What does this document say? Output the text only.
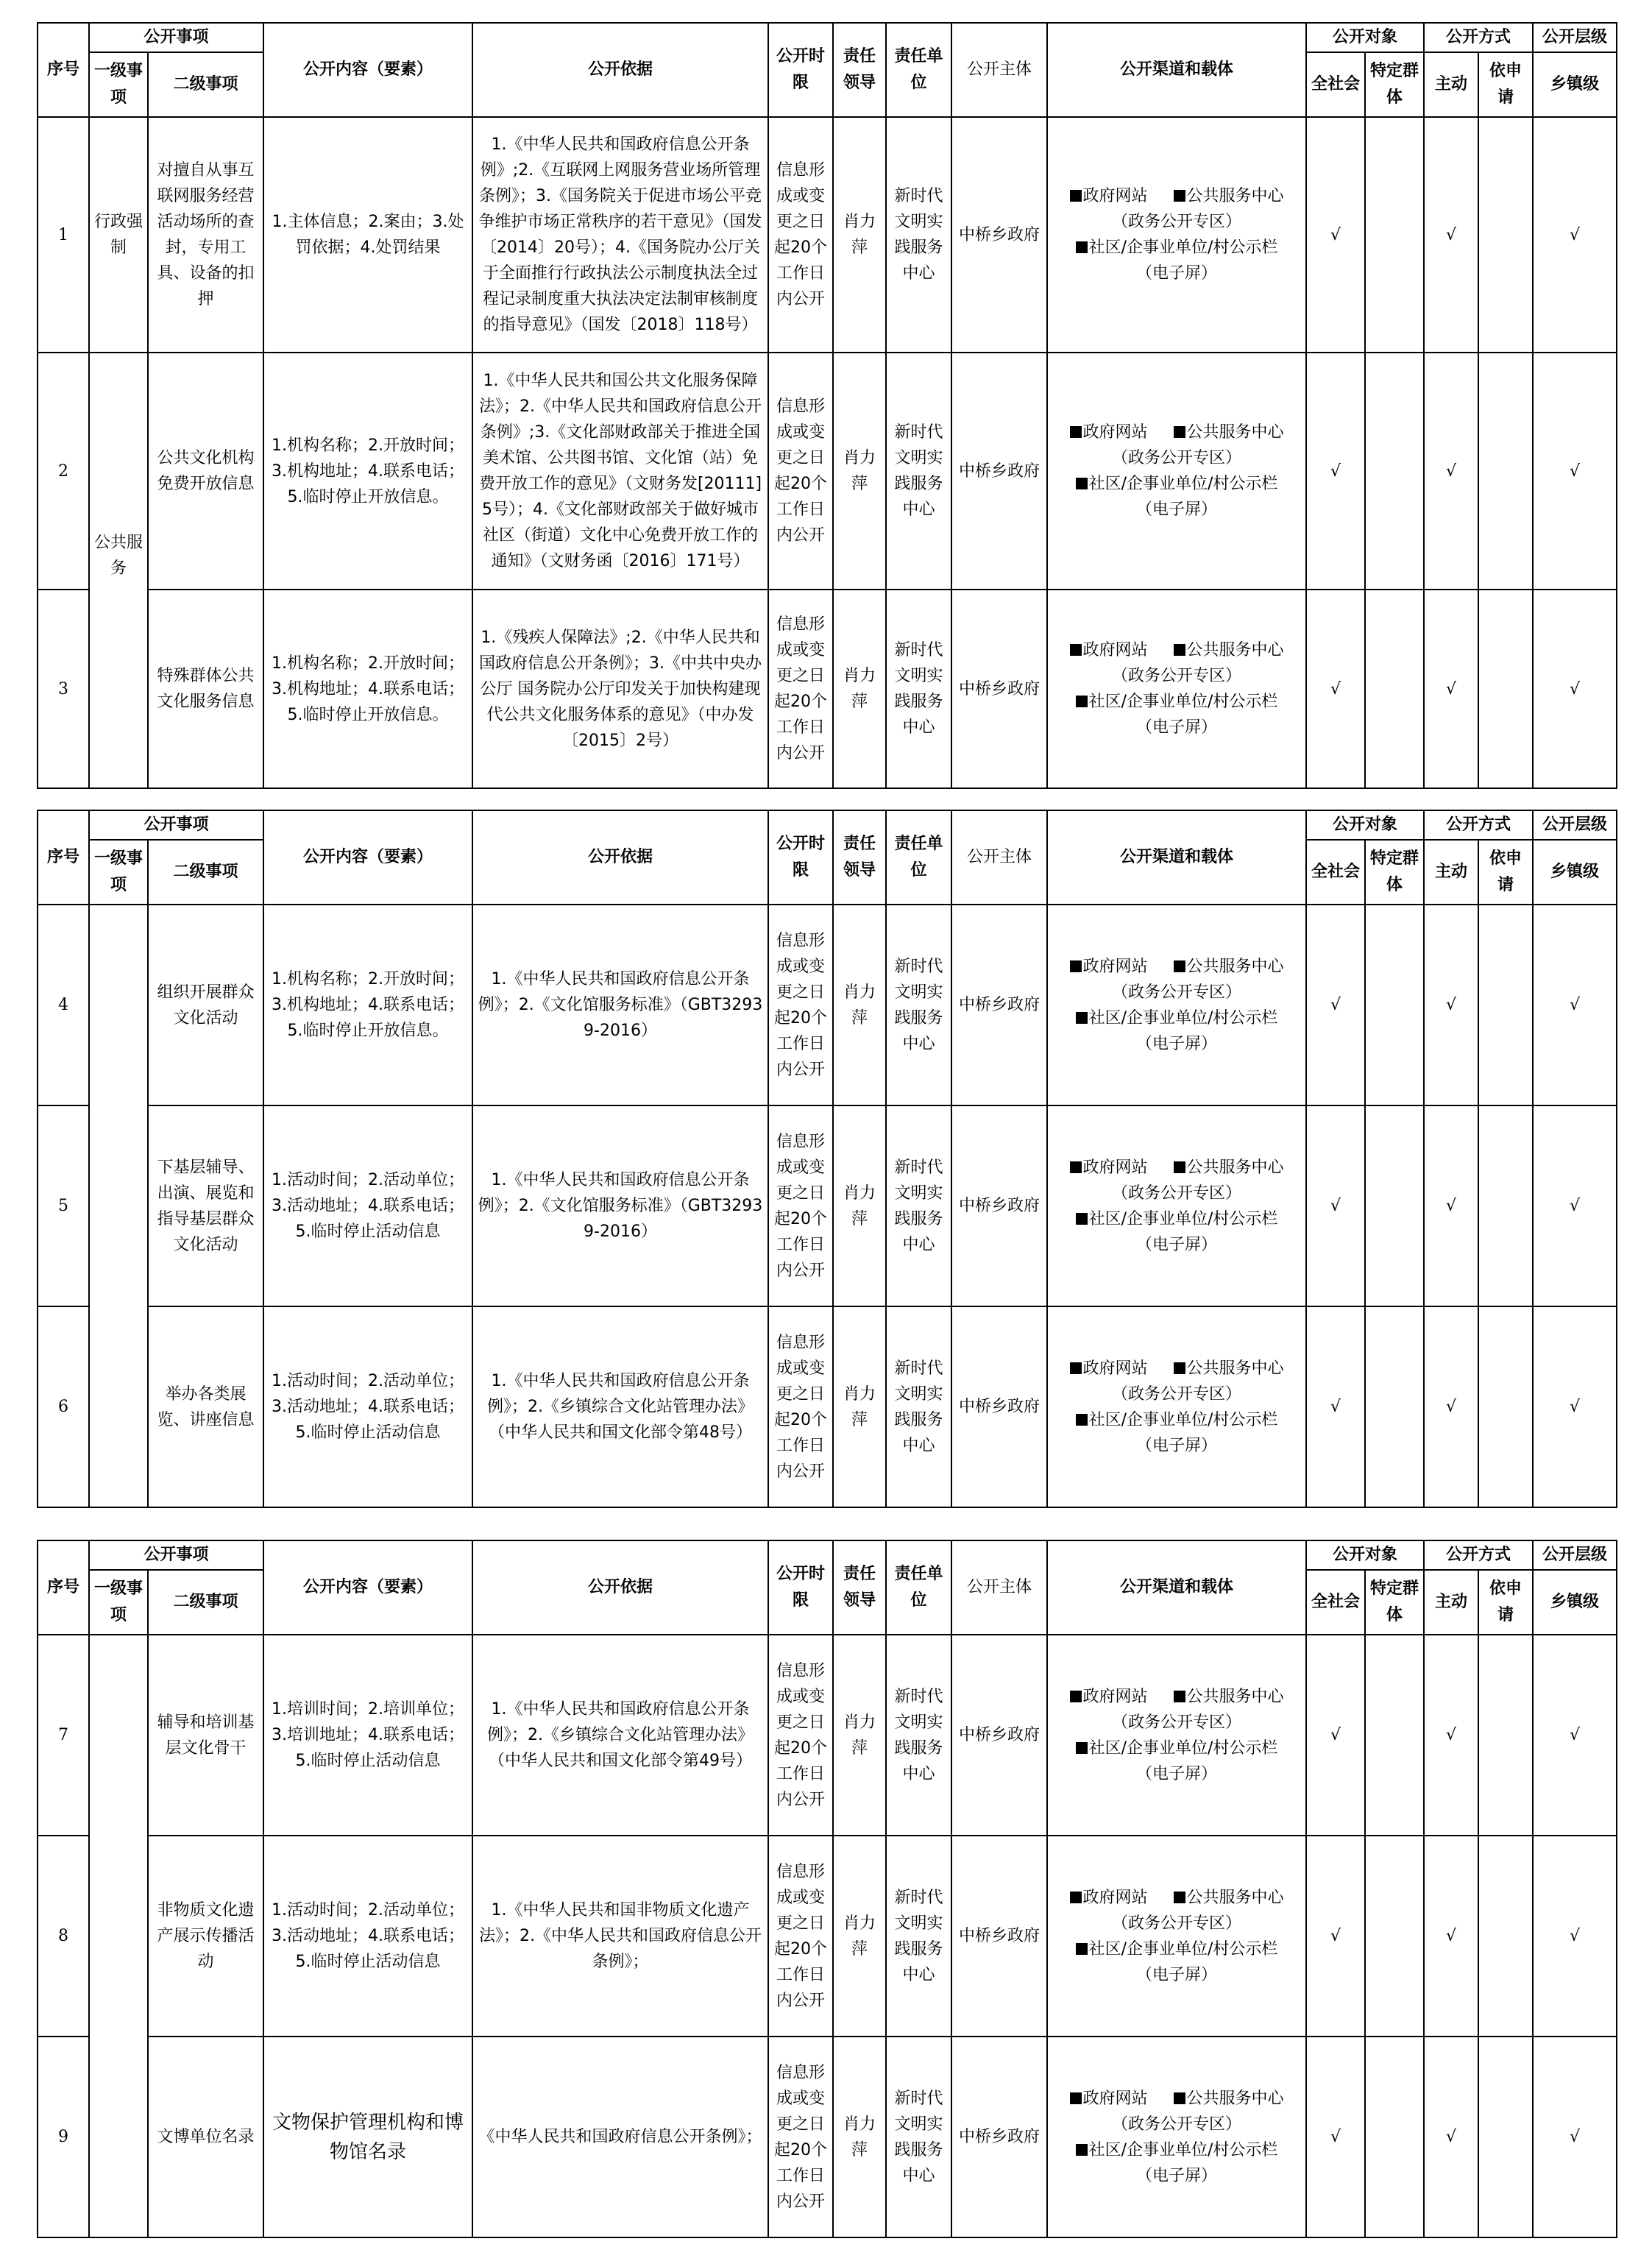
序号	公开事项		公开内容（要素）	公开依据	公开时限	责任领导	责任单位	公开主体	公开渠道和载体	公开对象		公开方式		公开层级
	一级事项	二级事项								全社会	特定群体	主动	依申请	乡镇级
1	行政强制	对擅自从事互联网服务经营活动场所的查封，专用工具、设备的扣押	1.主体信息；2.案由；3.处罚依据；4.处罚结果	1.《中华人民共和国政府信息公开条例》;2.《互联网上网服务营业场所管理条例》；3.《国务院关于促进市场公平竞争维护市场正常秩序的若干意见》（国发〔2014〕20号）；4.《国务院办公厅关于全面推行行政执法公示制度执法全过程记录制度重大执法决定法制审核制度的指导意见》（国发〔2018〕118号）	信息形成或变更之日起20个工作日内公开	肖力萍	新时代文明实践服务中心	中桥乡政府	政府网站 公共服务中心
（政务公开专区）
社区/企事业单位/村公示栏
（电子屏）	√		√		√
2	公共服务	公共文化机构免费开放信息	1.机构名称；2.开放时间；3.机构地址；4.联系电话；5.临时停止开放信息。	1.《中华人民共和国公共文化服务保障法》；2.《中华人民共和国政府信息公开条例》;3.《文化部财政部关于推进全国美术馆、公共图书馆、文化馆（站）免费开放工作的意见》（文财务发[20111]5号）；4.《文化部财政部关于做好城市社区（街道）文化中心免费开放工作的通知》（文财务函〔2016〕171号）	信息形成或变更之日起20个工作日内公开	肖力萍	新时代文明实践服务中心	中桥乡政府	政府网站 公共服务中心
（政务公开专区）
社区/企事业单位/村公示栏
（电子屏）	√		√		√
3		特殊群体公共文化服务信息	1.机构名称；2.开放时间；3.机构地址；4.联系电话；5.临时停止开放信息。	1.《残疾人保障法》;2.《中华人民共和国政府信息公开条例》；3.《中共中央办公厅 国务院办公厅印发关于加快构建现代公共文化服务体系的意见》（中办发〔2015〕2号）	信息形成或变更之日起20个工作日内公开	肖力萍	新时代文明实践服务中心	中桥乡政府	政府网站 公共服务中心
（政务公开专区）
社区/企事业单位/村公示栏
（电子屏）	√		√		√
序号	公开事项		公开内容（要素）	公开依据	公开时限	责任领导	责任单位	公开主体	公开渠道和载体	公开对象		公开方式		公开层级
	一级事项	二级事项								全社会	特定群体	主动	依申请	乡镇级
4		组织开展群众文化活动	1.机构名称；2.开放时间；3.机构地址；4.联系电话；5.临时停止开放信息。	1.《中华人民共和国政府信息公开条例》；2.《文化馆服务标准》（GBT32939-2016）	信息形成或变更之日起20个工作日内公开	肖力萍	新时代文明实践服务中心	中桥乡政府	政府网站 公共服务中心
（政务公开专区）
社区/企事业单位/村公示栏
（电子屏）	√		√		√
5		下基层辅导、出演、展览和指导基层群众文化活动	1.活动时间；2.活动单位；3.活动地址；4.联系电话；5.临时停止活动信息	1.《中华人民共和国政府信息公开条例》；2.《文化馆服务标准》（GBT32939-2016）	信息形成或变更之日起20个工作日内公开	肖力萍	新时代文明实践服务中心	中桥乡政府	政府网站 公共服务中心
（政务公开专区）
社区/企事业单位/村公示栏
（电子屏）	√		√		√
6		举办各类展览、讲座信息	1.活动时间；2.活动单位；3.活动地址；4.联系电话；5.临时停止活动信息	1.《中华人民共和国政府信息公开条例》；2.《乡镇综合文化站管理办法》（中华人民共和国文化部令第48号）	信息形成或变更之日起20个工作日内公开	肖力萍	新时代文明实践服务中心	中桥乡政府	政府网站 公共服务中心
（政务公开专区）
社区/企事业单位/村公示栏
（电子屏）	√		√		√
序号	公开事项		公开内容（要素）	公开依据	公开时限	责任领导	责任单位	公开主体	公开渠道和载体	公开对象		公开方式		公开层级
	一级事项	二级事项								全社会	特定群体	主动	依申请	乡镇级
7		辅导和培训基层文化骨干	1.培训时间；2.培训单位；3.培训地址；4.联系电话；5.临时停止活动信息	1.《中华人民共和国政府信息公开条例》；2.《乡镇综合文化站管理办法》（中华人民共和国文化部令第49号）	信息形成或变更之日起20个工作日内公开	肖力萍	新时代文明实践服务中心	中桥乡政府	政府网站 公共服务中心
（政务公开专区）
社区/企事业单位/村公示栏
（电子屏）	√		√		√
8		非物质文化遗产展示传播活动	1.活动时间；2.活动单位；3.活动地址；4.联系电话；5.临时停止活动信息	1.《中华人民共和国非物质文化遗产法》；2.《中华人民共和国政府信息公开条例》；	信息形成或变更之日起20个工作日内公开	肖力萍	新时代文明实践服务中心	中桥乡政府	政府网站 公共服务中心
（政务公开专区）
社区/企事业单位/村公示栏
（电子屏）	√		√		√
9		文博单位名录	文物保护管理机构和博物馆名录	《中华人民共和国政府信息公开条例》；	信息形成或变更之日起20个工作日内公开	肖力萍	新时代文明实践服务中心	中桥乡政府	政府网站 公共服务中心
（政务公开专区）
社区/企事业单位/村公示栏
（电子屏）	√		√		√
